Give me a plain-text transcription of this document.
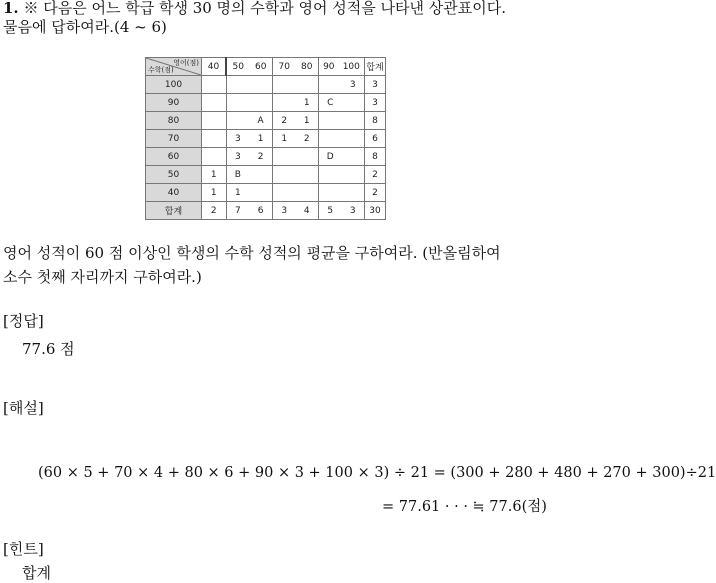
1. ※ 다음은 어느 학급 학생 30 명의 수학과 영어 성적을 나타낸 상관표이다.
물음에 답하여라.(4 ~ 6)
영어(점)
수학(점)	40	50 60	70 80	90 100	합계
100				3	3
90			1	C	3
80		A	2 1		8
70		3 1	1 2		6
60		3 2		D	8
50	1	B			2
40	1	1			2
합계	2	7 6	3 4	5 3	30
영어 성적이 60 점 이상인 학생의 수학 성적의 평균을 구하여라. (반올림하여
소수 첫째 자리까지 구하여라.)
[정답]
77.6 점
[해설]
(60 × 5 + 70 × 4 + 80 × 6 + 90 × 3 + 100 × 3) ÷ 21 = (300 + 280 + 480 + 270 + 300)÷21
= 77.61 · · · ≒ 77.6(점)
[힌트]
합계
